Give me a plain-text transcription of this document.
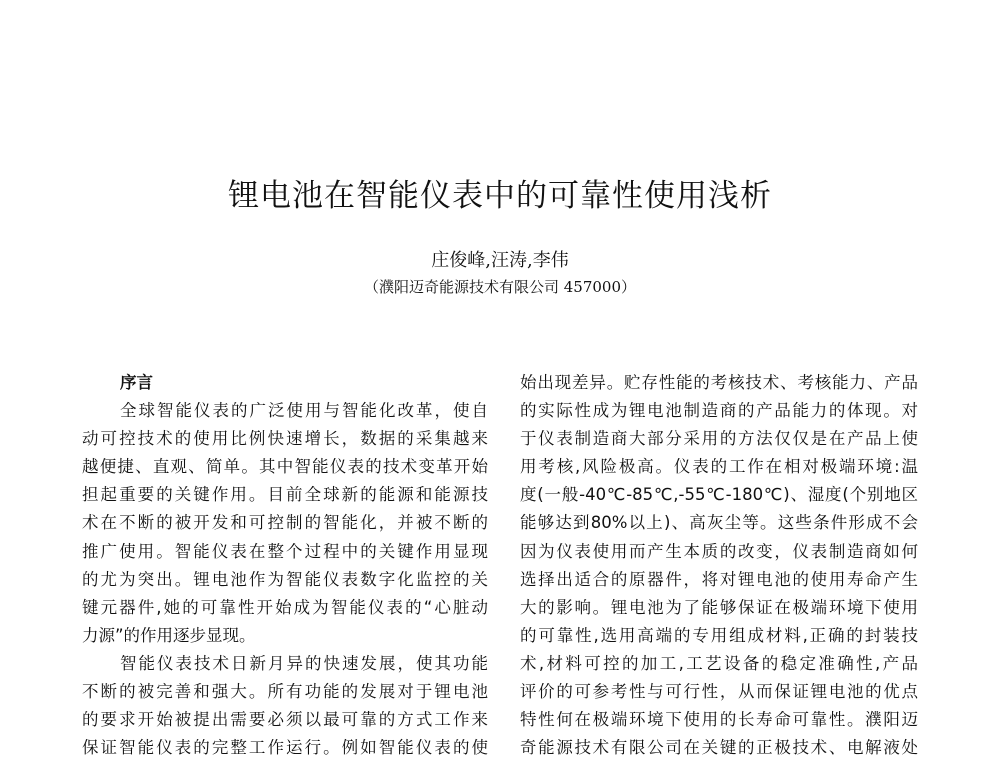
锂电池在智能仪表中的可靠性使用浅析
庄俊峰,汪涛,李伟
（濮阳迈奇能源技术有限公司 457000）
序言
全球智能仪表的广泛使用与智能化改革，使自
动可控技术的使用比例快速增长，数据的采集越来
越便捷、直观、简单。其中智能仪表的技术变革开始
担起重要的关键作用。目前全球新的能源和能源技
术在不断的被开发和可控制的智能化，并被不断的
推广使用。智能仪表在整个过程中的关键作用显现
的尤为突出。锂电池作为智能仪表数字化监控的关
键元器件,她的可靠性开始成为智能仪表的“心脏动
力源”的作用逐步显现。
智能仪表技术日新月异的快速发展，使其功能
不断的被完善和强大。所有功能的发展对于锂电池
的要求开始被提出需要必须以最可靠的方式工作来
保证智能仪表的完整工作运行。例如智能仪表的使
始出现差异。贮存性能的考核技术、考核能力、产品
的实际性成为锂电池制造商的产品能力的体现。对
于仪表制造商大部分采用的方法仅仅是在产品上使
用考核,风险极高。仪表的工作在相对极端环境:温
度(一般-40℃-85℃,-55℃-180℃)、湿度(个别地区
能够达到80%以上)、高灰尘等。这些条件形成不会
因为仪表使用而产生本质的改变，仪表制造商如何
选择出适合的原器件，将对锂电池的使用寿命产生
大的影响。锂电池为了能够保证在极端环境下使用
的可靠性,选用高端的专用组成材料,正确的封装技
术,材料可控的加工,工艺设备的稳定准确性,产品
评价的可参考性与可行性，从而保证锂电池的优点
特性何在极端环境下使用的长寿命可靠性。濮阳迈
奇能源技术有限公司在关键的正极技术、电解液处
